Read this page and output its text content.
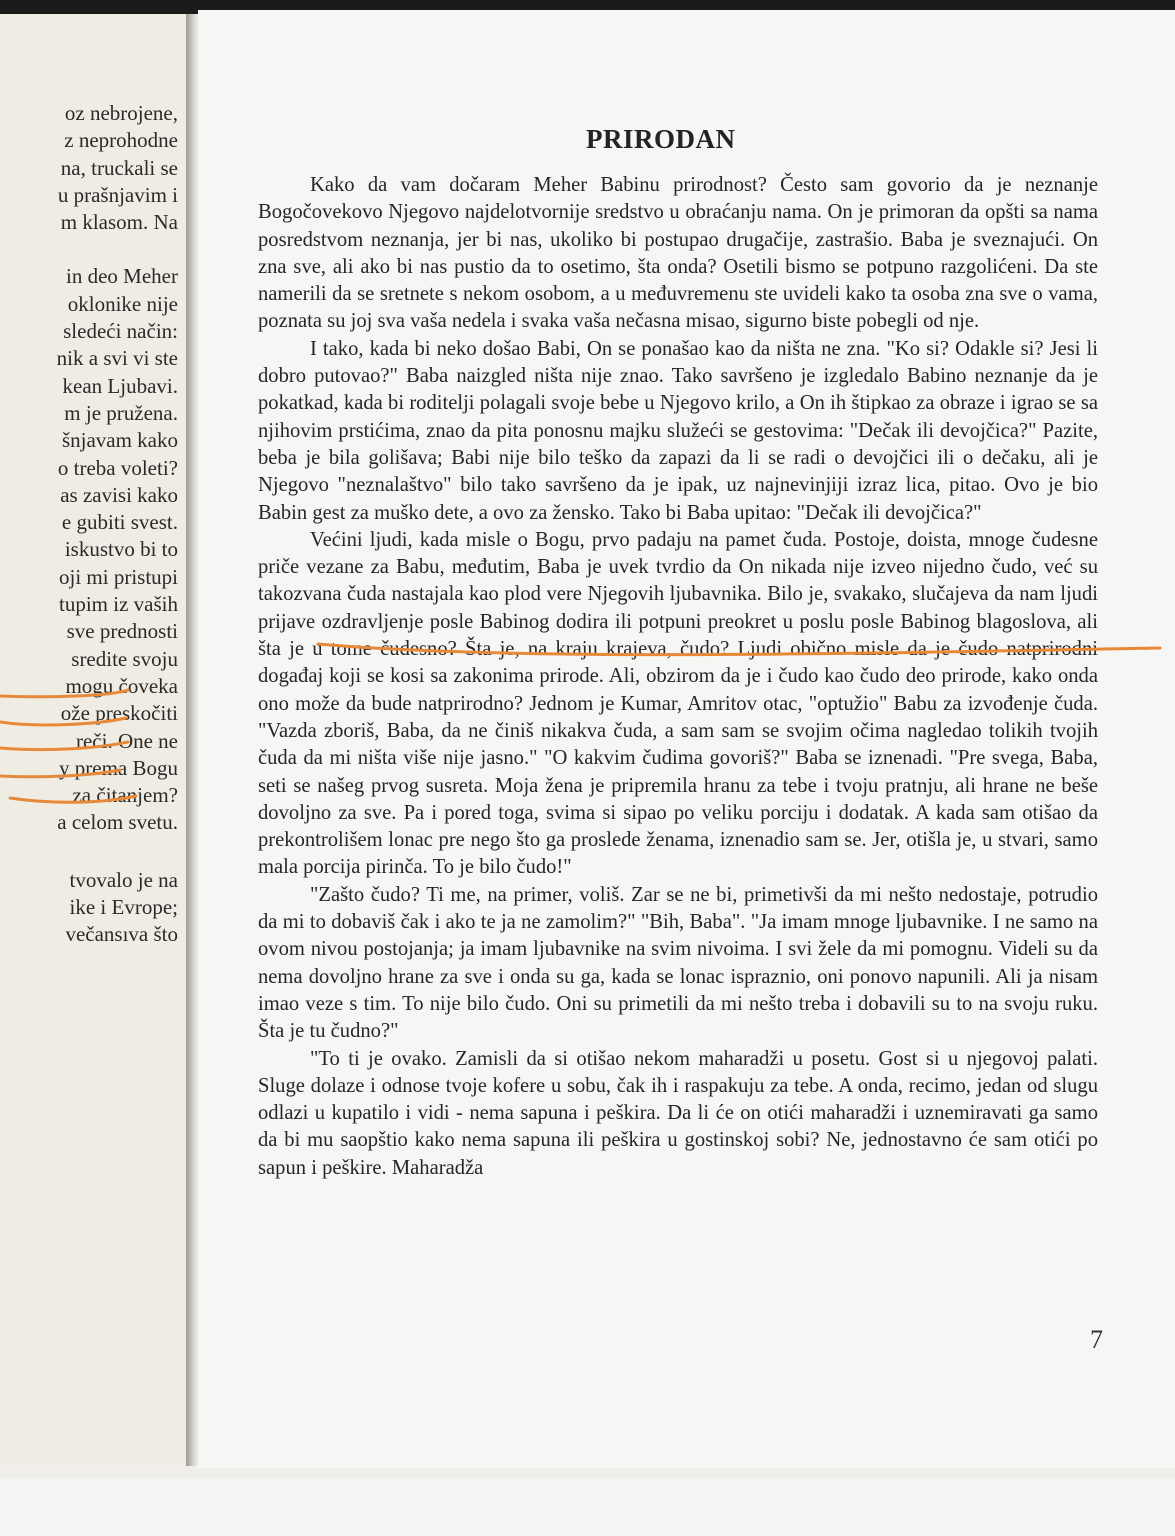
oz nebrojene,
z neprohodne
na, truckali se
u prašnjavim i
m klasom. Na
in deo Meher
oklonike nije
sledeći način:
nik a svi vi ste
kean Ljubavi.
m je pružena.
šnjavam kako
o treba voleti?
as zavisi kako
e gubiti svest.
iskustvo bi to
oji mi pristupi
tupim iz vaših
sve prednosti
sredite svoju
mogu čoveka
ože preskočiti
reči. One ne
y prema Bogu
za čitanjem?
a celom svetu.
tvovalo je na
ike i Evrope;
večansıva što
PRIRODAN

Kako da vam dočaram Meher Babinu prirodnost? Često sam govorio da je neznanje Bogočovekovo Njegovo najdelotvornije sredstvo u obraćanju nama. On je primoran da opšti sa nama posredstvom neznanja, jer bi nas, ukoliko bi postupao drugačije, zastrašio. Baba je sveznajući. On zna sve, ali ako bi nas pustio da to osetimo, šta onda? Osetili bismo se potpuno razgolićeni. Da ste namerili da se sretnete s nekom osobom, a u međuvremenu ste uvideli kako ta osoba zna sve o vama, poznata su joj sva vaša nedela i svaka vaša nečasna misao, sigurno biste pobegli od nje.

I tako, kada bi neko došao Babi, On se ponašao kao da ništa ne zna. "Ko si? Odakle si? Jesi li dobro putovao?" Baba naizgled ništa nije znao. Tako savršeno je izgledalo Babino neznanje da je pokatkad, kada bi roditelji polagali svoje bebe u Njegovo krilo, a On ih štipkao za obraze i igrao se sa njihovim prstićima, znao da pita ponosnu majku služeći se gestovima: "Dečak ili devojčica?" Pazite, beba je bila golišava; Babi nije bilo teško da zapazi da li se radi o devojčici ili o dečaku, ali je Njegovo "neznalaštvo" bilo tako savršeno da je ipak, uz najnevinjiji izraz lica, pitao. Ovo je bio Babin gest za muško dete, a ovo za žensko. Tako bi Baba upitao: "Dečak ili devojčica?"

Većini ljudi, kada misle o Bogu, prvo padaju na pamet čuda. Postoje, doista, mnoge čudesne priče vezane za Babu, međutim, Baba je uvek tvrdio da On nikada nije izveo nijedno čudo, već su takozvana čuda nastajala kao plod vere Njegovih ljubavnika. Bilo je, svakako, slučajeva da nam ljudi prijave ozdravljenje posle Babinog dodira ili potpuni preokret u poslu posle Babinog blagoslova, ali šta je u tome čudesno? Šta je, na kraju krajeva, čudo? Ljudi obično misle da je čudo natprirodni događaj koji se kosi sa zakonima prirode. Ali, obzirom da je i čudo kao čudo deo prirode, kako onda ono može da bude natprirodno? Jednom je Kumar, Amritov otac, "optužio" Babu za izvođenje čuda. "Vazda zboriš, Baba, da ne činiš nikakva čuda, a sam sam se svojim očima nagledao tolikih tvojih čuda da mi ništa više nije jasno." "O kakvim čudima govoriš?" Baba se iznenadi. "Pre svega, Baba, seti se našeg prvog susreta. Moja žena je pripremila hranu za tebe i tvoju pratnju, ali hrane ne beše dovoljno za sve. Pa i pored toga, svima si sipao po veliku porciju i dodatak. A kada sam otišao da prekontrolišem lonac pre nego što ga proslede ženama, iznenadio sam se. Jer, otišla je, u stvari, samo mala porcija pirinča. To je bilo čudo!"

"Zašto čudo? Ti me, na primer, voliš. Zar se ne bi, primetivši da mi nešto nedostaje, potrudio da mi to dobaviš čak i ako te ja ne zamolim?" "Bih, Baba". "Ja imam mnoge ljubavnike. I ne samo na ovom nivou postojanja; ja imam ljubavnike na svim nivoima. I svi žele da mi pomognu. Videli su da nema dovoljno hrane za sve i onda su ga, kada se lonac ispraznio, oni ponovo napunili. Ali ja nisam imao veze s tim. To nije bilo čudo. Oni su primetili da mi nešto treba i dobavili su to na svoju ruku. Šta je tu čudno?"

"To ti je ovako. Zamisli da si otišao nekom maharadži u posetu. Gost si u njegovoj palati. Sluge dolaze i odnose tvoje kofere u sobu, čak ih i raspakuju za tebe. A onda, recimo, jedan od slugu odlazi u kupatilo i vidi - nema sapuna i peškira. Da li će on otići maharadži i uznemiravati ga samo da bi mu saopštio kako nema sapuna ili peškira u gostinskoj sobi? Ne, jednostavno će sam otići po sapun i peškire. Maharadža

7
